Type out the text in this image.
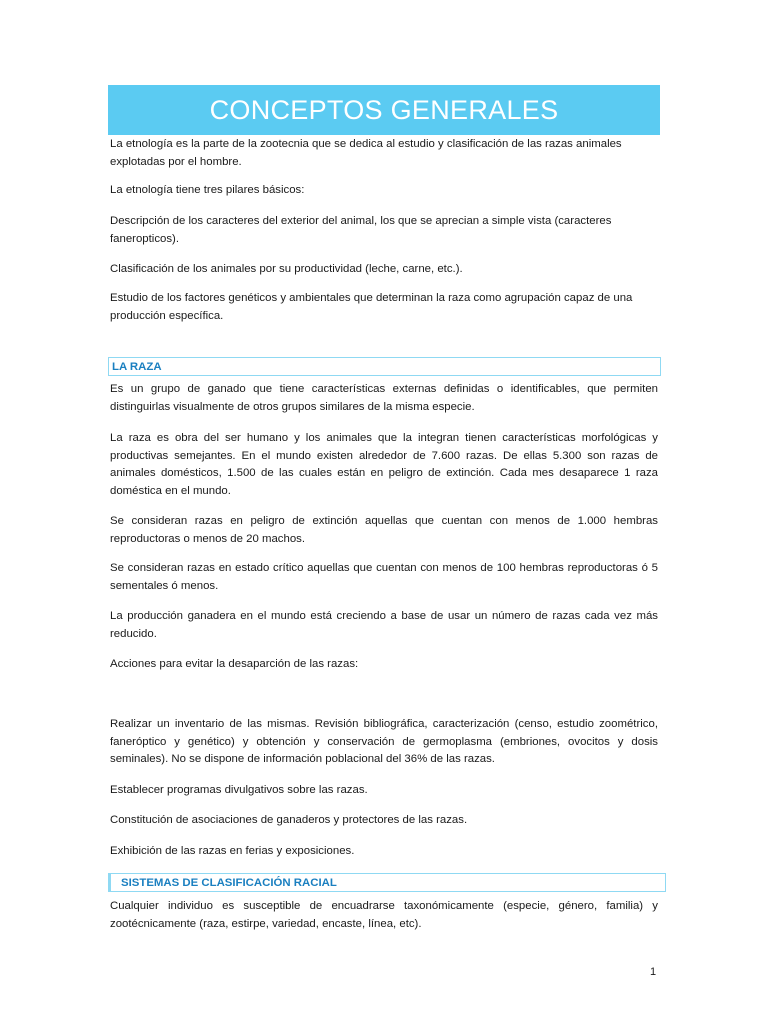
CONCEPTOS GENERALES

La etnología es la parte de la zootecnia que se dedica al estudio y clasificación de las razas animales explotadas por el hombre.

La etnología tiene tres pilares básicos:

Descripción de los caracteres del exterior del animal, los que se aprecian a simple vista (caracteres faneropticos).

Clasificación de los animales por su productividad (leche, carne, etc.).

Estudio de los factores genéticos y ambientales que determinan la raza como agrupación capaz de una producción específica.

LA RAZA

Es un grupo de ganado que tiene características externas definidas o identificables, que permiten distinguirlas visualmente de otros grupos similares de la misma especie.

La raza es obra del ser humano y los animales que la integran tienen características morfológicas y productivas semejantes. En el mundo existen alrededor de 7.600 razas. De ellas 5.300 son razas de animales domésticos, 1.500 de las cuales están en peligro de extinción. Cada mes desaparece 1 raza doméstica en el mundo.

Se consideran razas en peligro de extinción aquellas que cuentan con menos de 1.000 hembras reproductoras o menos de 20 machos.

Se consideran razas en estado crítico aquellas que cuentan con menos de 100 hembras reproductoras ó 5 sementales ó menos.

La producción ganadera en el mundo está creciendo a base de usar un número de razas cada vez más reducido.

Acciones para evitar la desaparción de las razas:

Realizar un inventario de las mismas. Revisión bibliográfica, caracterización (censo, estudio zoométrico, faneróptico y genético) y obtención y conservación de germoplasma (embriones, ovocitos y dosis seminales). No se dispone de información poblacional del 36% de las razas.

Establecer programas divulgativos sobre las razas.

Constitución de asociaciones de ganaderos y protectores de las razas.

Exhibición de las razas en ferias y exposiciones.

SISTEMAS DE CLASIFICACIÓN RACIAL

Cualquier individuo es susceptible de encuadrarse taxonómicamente (especie, género, familia) y zootécnicamente (raza, estirpe, variedad, encaste, línea, etc).

1
